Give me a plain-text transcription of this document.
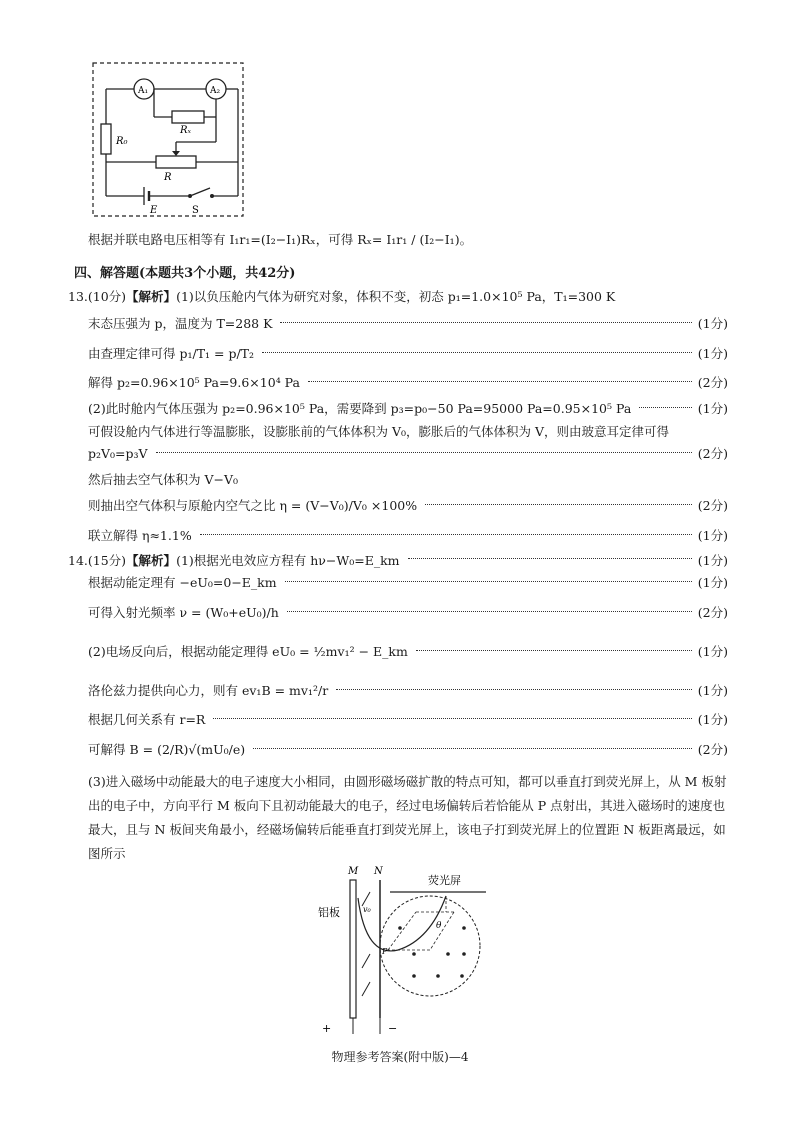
A₁	A₂
Rₓ
R₀
R
E	S
根据并联电路电压相等有 I₁r₁=(I₂−I₁)Rₓ，可得 Rₓ= I₁r₁ / (I₂−I₁)。
四、解答题(本题共3个小题，共42分)
13.(10分)【解析】(1)以负压舱内气体为研究对象，体积不变，初态 p₁=1.0×10⁵ Pa，T₁=300 K
末态压强为 p，温度为 T=288 K	(1分)
由查理定律可得 p₁/T₁ = p/T₂	(1分)
解得 p₂=0.96×10⁵ Pa=9.6×10⁴ Pa	(2分)
(2)此时舱内气体压强为 p₂=0.96×10⁵ Pa，需要降到 p₃=p₀−50 Pa=95000 Pa=0.95×10⁵ Pa	(1分)
可假设舱内气体进行等温膨胀，设膨胀前的气体体积为 V₀，膨胀后的气体体积为 V，则由玻意耳定律可得
p₂V₀=p₃V	(2分)
然后抽去空气体积为 V−V₀
则抽出空气体积与原舱内空气之比 η = (V−V₀)/V₀ ×100%	(2分)
联立解得 η≈1.1%	(1分)
14.(15分)【解析】(1)根据光电效应方程有 hν−W₀=E_km	(1分)
根据动能定理有 −eU₀=0−E_km	(1分)
可得入射光频率 ν = (W₀+eU₀)/h	(2分)
(2)电场反向后，根据动能定理得 eU₀ = ½mv₁² − E_km	(1分)
洛伦兹力提供向心力，则有 ev₁B = mv₁²/r	(1分)
根据几何关系有 r=R	(1分)
可解得 B = (2/R)√(mU₀/e)	(2分)
(3)进入磁场中动能最大的电子速度大小相同，由圆形磁场磁扩散的特点可知，都可以垂直打到荧光屏上，从 M 板射出的电子中，方向平行 M 板向下且初动能最大的电子，经过电场偏转后若恰能从 P 点射出，其进入磁场时的速度也最大，且与 N 板间夹角最小，经磁场偏转后能垂直打到荧光屏上，该电子打到荧光屏上的位置距 N 板距离最远，如图所示
M N
荧光屏
铝板	v₀
θ
P
+	−
物理参考答案(附中版)—4
